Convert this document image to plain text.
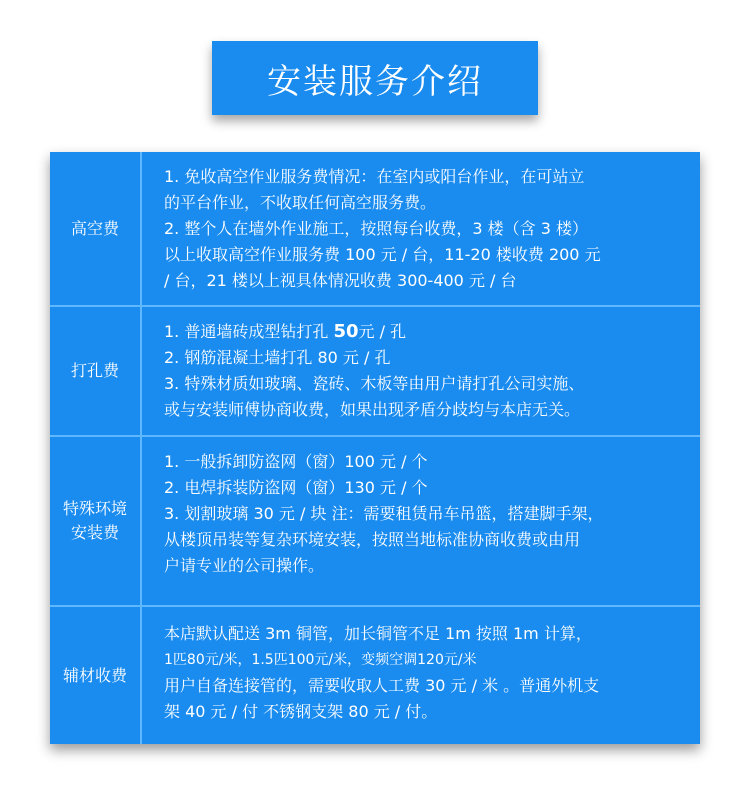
安装服务介绍
高空费
1. 免收高空作业服务费情况：在室内或阳台作业，在可站立
的平台作业，不收取任何高空服务费。
2. 整个人在墙外作业施工，按照每台收费，3 楼（含 3 楼）
以上收取高空作业服务费 100 元 / 台，11-20 楼收费 200 元
/ 台，21 楼以上视具体情况收费 300-400 元 / 台
打孔费
1. 普通墙砖成型钻打孔 50元 / 孔
2. 钢筋混凝土墙打孔 80 元 / 孔
3. 特殊材质如玻璃、瓷砖、木板等由用户请打孔公司实施、
或与安装师傅协商收费，如果出现矛盾分歧均与本店无关。
特殊环境
安装费
1. 一般拆卸防盗网（窗）100 元 / 个
2. 电焊拆装防盗网（窗）130 元 / 个
3. 划割玻璃 30 元 / 块 注：需要租赁吊车吊篮，搭建脚手架，
从楼顶吊装等复杂环境安装，按照当地标准协商收费或由用
户请专业的公司操作。
辅材收费
本店默认配送 3m 铜管，加长铜管不足 1m 按照 1m 计算，
1匹80元/米，1.5匹100元/米，变频空调120元/米
用户自备连接管的，需要收取人工费 30 元 / 米 。普通外机支
架 40 元 / 付 不锈钢支架 80 元 / 付。
